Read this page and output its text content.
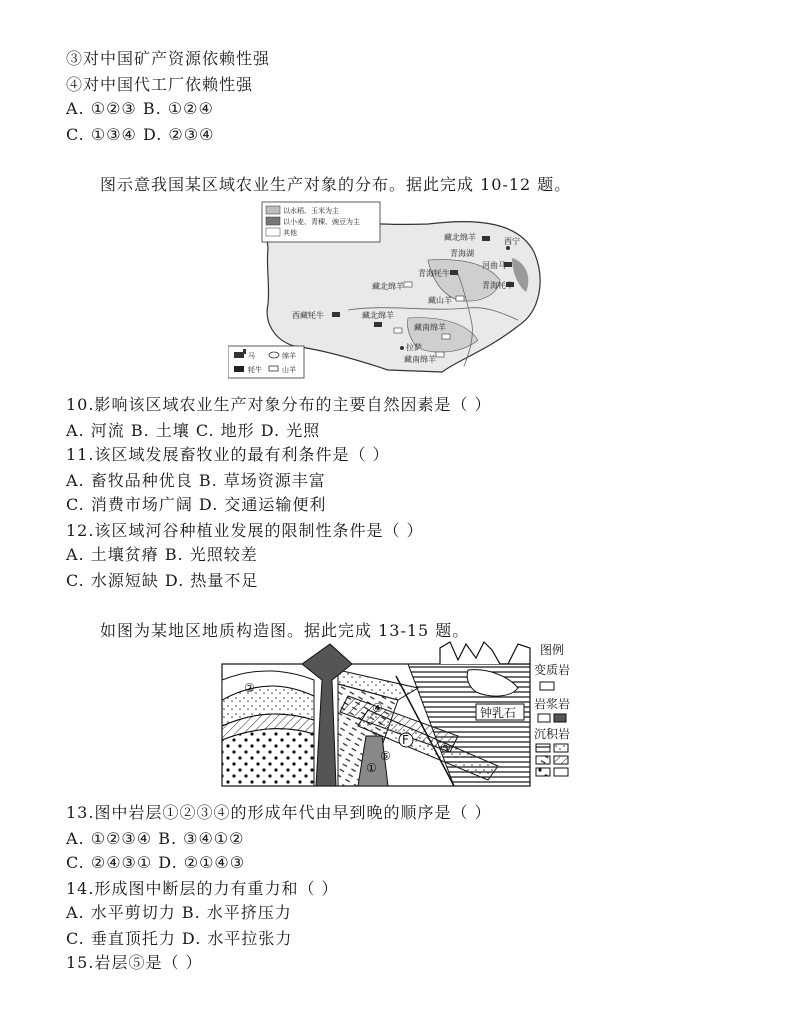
③对中国矿产资源依赖性强
④对中国代工厂依赖性强
A. ①②③ B. ①②④
C. ①③④ D. ②③④
图示意我国某区域农业生产对象的分布。据此完成 10-12 题。
以水稻、玉米为主
以小麦、青稞、豌豆为主
其他
马	绵羊
牦牛	山羊
藏北绵羊
青海湖
西宁
河曲马
青海牦牛
青海牦牛
藏北绵羊
藏山羊
西藏牦牛	藏北绵羊
藏南绵羊
拉萨
藏南绵羊
10.影响该区域农业生产对象分布的主要自然因素是（ ）
A. 河流 B. 土壤 C. 地形 D. 光照
11.该区域发展畜牧业的最有利条件是（ ）
A. 畜牧品种优良 B. 草场资源丰富
C. 消费市场广阔 D. 交通运输便利
12.该区域河谷种植业发展的限制性条件是（ ）
A. 土壤贫瘠 B. 光照较差
C. 水源短缺 D. 热量不足
如图为某地区地质构造图。据此完成 13-15 题。
钟乳石
②
④
③
F
⑤
①
图例
变质岩
岩浆岩
沉积岩
13.图中岩层①②③④的形成年代由早到晚的顺序是（ ）
A. ①②③④ B. ③④①②
C. ②④③① D. ②①④③
14.形成图中断层的力有重力和（ ）
A. 水平剪切力 B. 水平挤压力
C. 垂直顶托力 D. 水平拉张力
15.岩层⑤是（ ）
